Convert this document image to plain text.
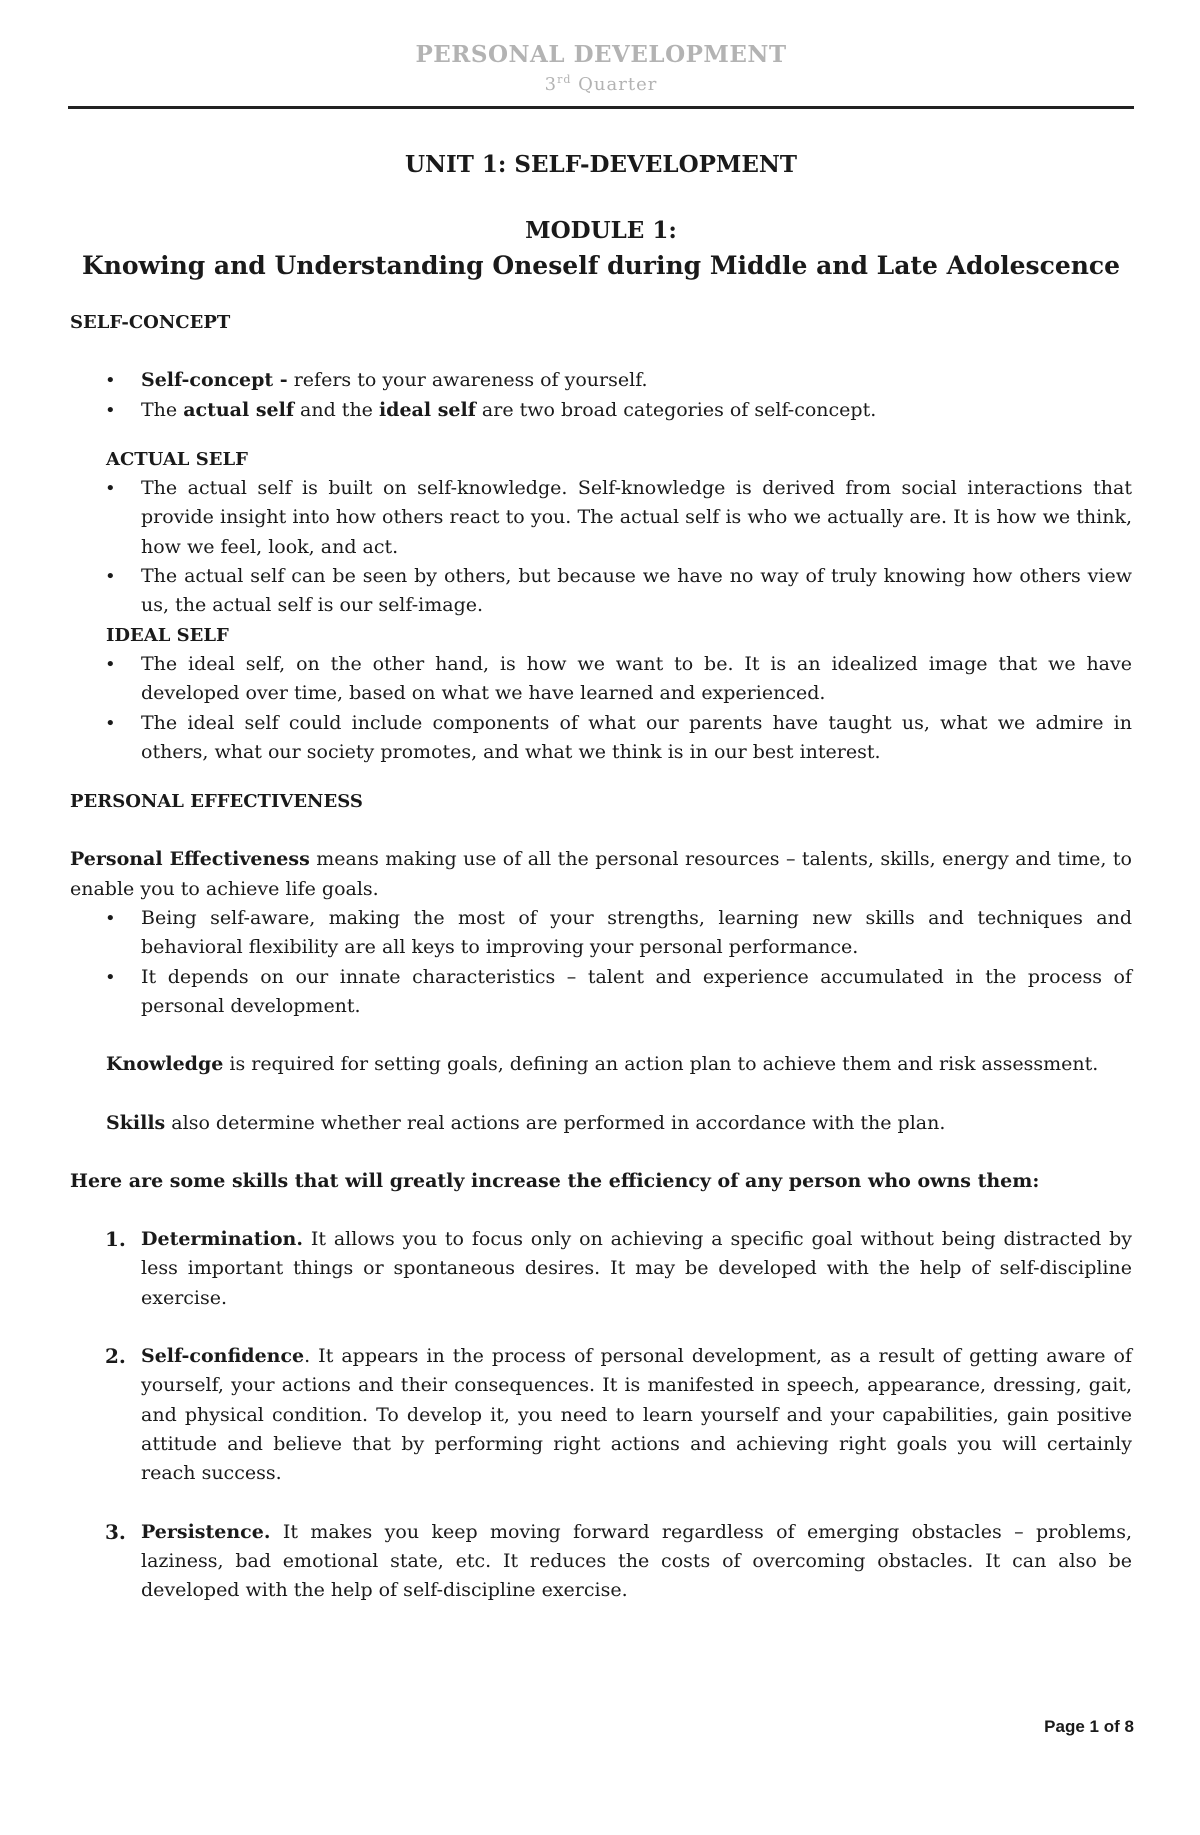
PERSONAL DEVELOPMENT
3rd Quarter
UNIT 1: SELF-DEVELOPMENT
MODULE 1:
Knowing and Understanding Oneself during Middle and Late Adolescence
SELF-CONCEPT
• Self-concept - refers to your awareness of yourself.
• The actual self and the ideal self are two broad categories of self-concept.
ACTUAL SELF
• The actual self is built on self-knowledge. Self-knowledge is derived from social interactions that provide insight into how others react to you. The actual self is who we actually are. It is how we think, how we feel, look, and act.
• The actual self can be seen by others, but because we have no way of truly knowing how others view us, the actual self is our self-image.
IDEAL SELF
• The ideal self, on the other hand, is how we want to be. It is an idealized image that we have developed over time, based on what we have learned and experienced.
• The ideal self could include components of what our parents have taught us, what we admire in others, what our society promotes, and what we think is in our best interest.
PERSONAL EFFECTIVENESS

Personal Effectiveness means making use of all the personal resources – talents, skills, energy and time, to enable you to achieve life goals.

• Being self-aware, making the most of your strengths, learning new skills and techniques and behavioral flexibility are all keys to improving your personal performance.
• It depends on our innate characteristics – talent and experience accumulated in the process of personal development.

Knowledge is required for setting goals, defining an action plan to achieve them and risk assessment.

Skills also determine whether real actions are performed in accordance with the plan.

Here are some skills that will greatly increase the efficiency of any person who owns them:

1. Determination. It allows you to focus only on achieving a specific goal without being distracted by less important things or spontaneous desires. It may be developed with the help of self-discipline exercise.
2. Self-confidence. It appears in the process of personal development, as a result of getting aware of yourself, your actions and their consequences. It is manifested in speech, appearance, dressing, gait, and physical condition. To develop it, you need to learn yourself and your capabilities, gain positive attitude and believe that by performing right actions and achieving right goals you will certainly reach success.
3. Persistence. It makes you keep moving forward regardless of emerging obstacles – problems, laziness, bad emotional state, etc. It reduces the costs of overcoming obstacles. It can also be developed with the help of self-discipline exercise.
Page 1 of 8
